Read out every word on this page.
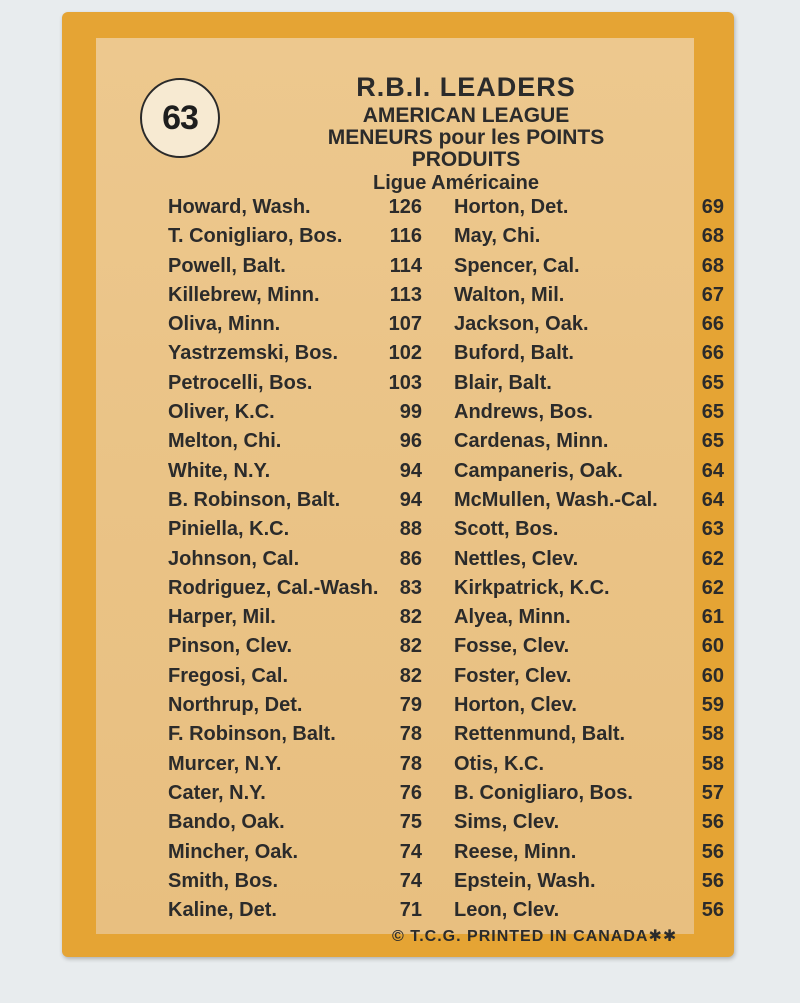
63
R.B.I. LEADERS
AMERICAN LEAGUE
MENEURS pour les POINTS
PRODUITS
Ligue Américaine
Howard, Wash.	126 Horton, Det.	69
T. Conigliaro, Bos. 116 May, Chi.	68
Powell, Balt.	114 Spencer, Cal.	68
Killebrew, Minn.	113 Walton, Mil.	67
Oliva, Minn.	107 Jackson, Oak.	66
Yastrzemski, Bos.	102 Buford, Balt.	66
Petrocelli, Bos.	103 Blair, Balt.	65
Oliver, K.C.	99 Andrews, Bos.	65
Melton, Chi.	96 Cardenas, Minn.	65
White, N.Y.	94 Campaneris, Oak.	64
B. Robinson, Balt.	94 McMullen, Wash.-Cal. 64
Piniella, K.C.	88 Scott, Bos.	63
Johnson, Cal.	86 Nettles, Clev.	62
Rodriguez, Cal.-Wash. 83 Kirkpatrick, K.C.	62
Harper, Mil.	82 Alyea, Minn.	61
Pinson, Clev.	82 Fosse, Clev.	60
Fregosi, Cal.	82 Foster, Clev.	60
Northrup, Det.	79 Horton, Clev.	59
F. Robinson, Balt.	78 Rettenmund, Balt.	58
Murcer, N.Y.	78 Otis, K.C.	58
Cater, N.Y.	76 B. Conigliaro, Bos.	57
Bando, Oak.	75 Sims, Clev.	56
Mincher, Oak.	74 Reese, Minn.	56
Smith, Bos.	74 Epstein, Wash.	56
Kaline, Det.	71 Leon, Clev.	56
© T.C.G. PRINTED IN CANADA✱✱
